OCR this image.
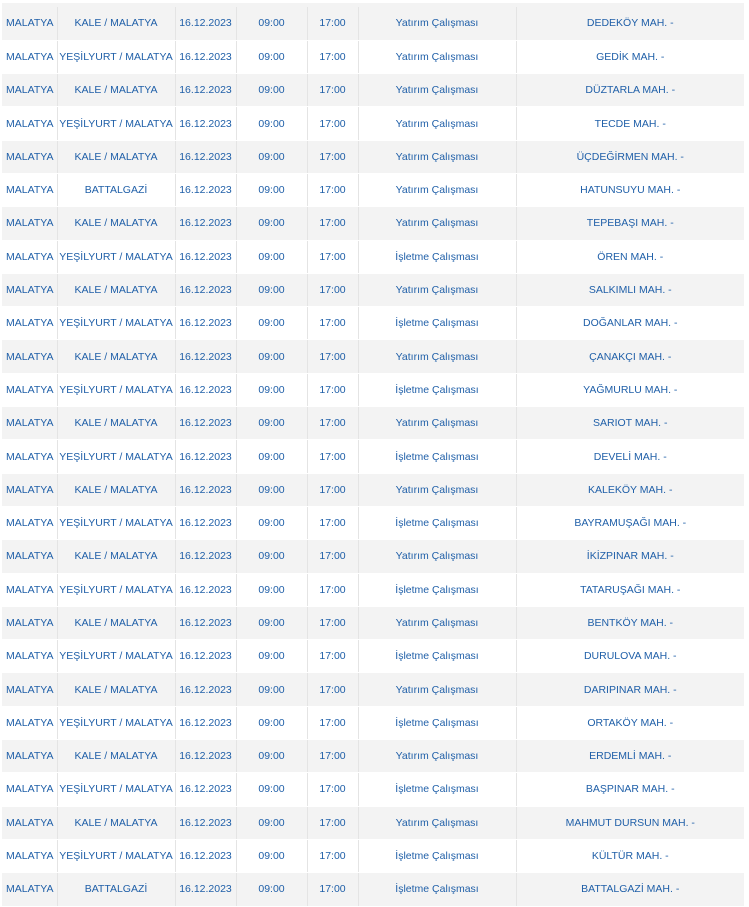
MALATYA	KALE / MALATYA	16.12.2023	09:00	17:00	Yatırım Çalışması	DEDEKÖY MAH. -
MALATYA	YEŞİLYURT / MALATYA	16.12.2023	09:00	17:00	Yatırım Çalışması	GEDİK MAH. -
MALATYA	KALE / MALATYA	16.12.2023	09:00	17:00	Yatırım Çalışması	DÜZTARLA MAH. -
MALATYA	YEŞİLYURT / MALATYA	16.12.2023	09:00	17:00	Yatırım Çalışması	TECDE MAH. -
MALATYA	KALE / MALATYA	16.12.2023	09:00	17:00	Yatırım Çalışması	ÜÇDEĞİRMEN MAH. -
MALATYA	BATTALGAZİ	16.12.2023	09:00	17:00	Yatırım Çalışması	HATUNSUYU MAH. -
MALATYA	KALE / MALATYA	16.12.2023	09:00	17:00	Yatırım Çalışması	TEPEBAŞI MAH. -
MALATYA	YEŞİLYURT / MALATYA	16.12.2023	09:00	17:00	İşletme Çalışması	ÖREN MAH. -
MALATYA	KALE / MALATYA	16.12.2023	09:00	17:00	Yatırım Çalışması	SALKIMLI MAH. -
MALATYA	YEŞİLYURT / MALATYA	16.12.2023	09:00	17:00	İşletme Çalışması	DOĞANLAR MAH. -
MALATYA	KALE / MALATYA	16.12.2023	09:00	17:00	Yatırım Çalışması	ÇANAKÇI MAH. -
MALATYA	YEŞİLYURT / MALATYA	16.12.2023	09:00	17:00	İşletme Çalışması	YAĞMURLU MAH. -
MALATYA	KALE / MALATYA	16.12.2023	09:00	17:00	Yatırım Çalışması	SARIOT MAH. -
MALATYA	YEŞİLYURT / MALATYA	16.12.2023	09:00	17:00	İşletme Çalışması	DEVELİ MAH. -
MALATYA	KALE / MALATYA	16.12.2023	09:00	17:00	Yatırım Çalışması	KALEKÖY MAH. -
MALATYA	YEŞİLYURT / MALATYA	16.12.2023	09:00	17:00	İşletme Çalışması	BAYRAMUŞAĞI MAH. -
MALATYA	KALE / MALATYA	16.12.2023	09:00	17:00	Yatırım Çalışması	İKİZPINAR MAH. -
MALATYA	YEŞİLYURT / MALATYA	16.12.2023	09:00	17:00	İşletme Çalışması	TATARUŞAĞI MAH. -
MALATYA	KALE / MALATYA	16.12.2023	09:00	17:00	Yatırım Çalışması	BENTKÖY MAH. -
MALATYA	YEŞİLYURT / MALATYA	16.12.2023	09:00	17:00	İşletme Çalışması	DURULOVA MAH. -
MALATYA	KALE / MALATYA	16.12.2023	09:00	17:00	Yatırım Çalışması	DARIPINAR MAH. -
MALATYA	YEŞİLYURT / MALATYA	16.12.2023	09:00	17:00	İşletme Çalışması	ORTAKÖY MAH. -
MALATYA	KALE / MALATYA	16.12.2023	09:00	17:00	Yatırım Çalışması	ERDEMLİ MAH. -
MALATYA	YEŞİLYURT / MALATYA	16.12.2023	09:00	17:00	İşletme Çalışması	BAŞPINAR MAH. -
MALATYA	KALE / MALATYA	16.12.2023	09:00	17:00	Yatırım Çalışması	MAHMUT DURSUN MAH. -
MALATYA	YEŞİLYURT / MALATYA	16.12.2023	09:00	17:00	İşletme Çalışması	KÜLTÜR MAH. -
MALATYA	BATTALGAZİ	16.12.2023	09:00	17:00	İşletme Çalışması	BATTALGAZİ MAH. -
